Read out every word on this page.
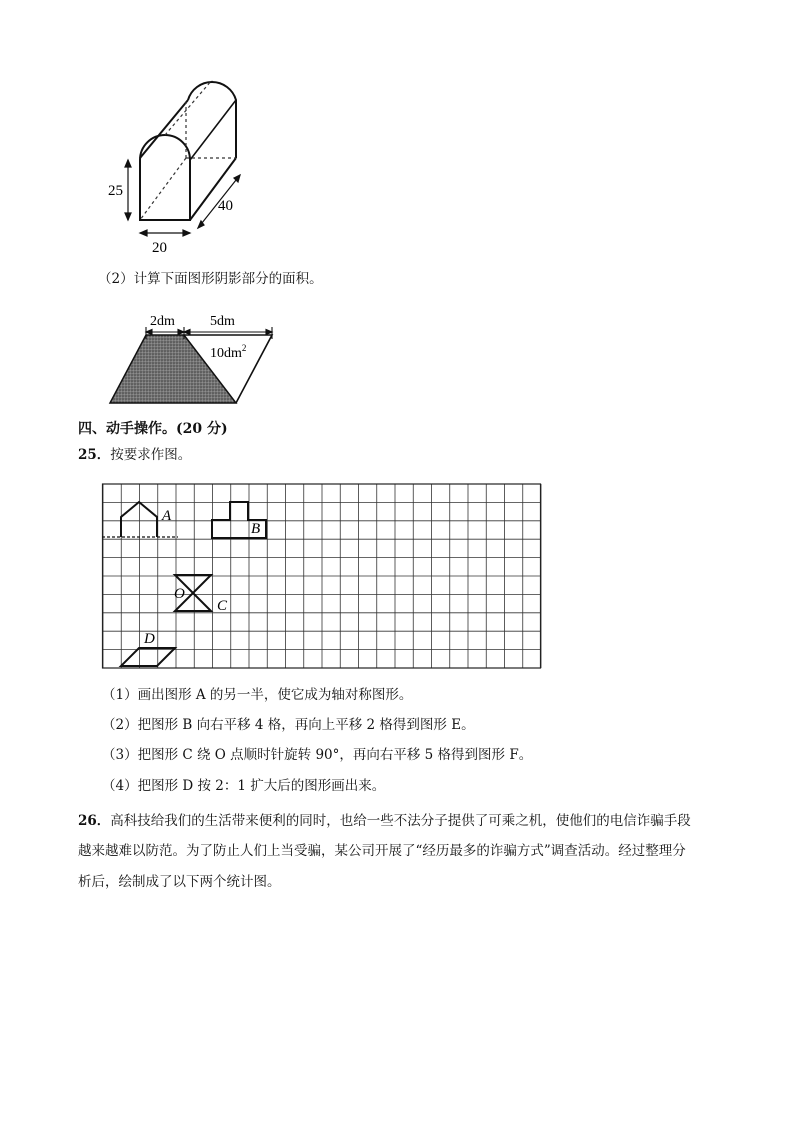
25
20
40
（2）计算下面图形阴影部分的面积。
2dm	5dm
$10dm^2$
四、动手操作。(20 分)
25．按要求作图。
A
B
O
C
D
（1）画出图形 A 的另一半，使它成为轴对称图形。
（2）把图形 B 向右平移 4 格，再向上平移 2 格得到图形 E。
（3）把图形 C 绕 O 点顺时针旋转 90°，再向右平移 5 格得到图形 F。
（4）把图形 D 按 2：1 扩大后的图形画出来。
26．高科技给我们的生活带来便利的同时，也给一些不法分子提供了可乘之机，使他们的电信诈骗手段
越来越难以防范。为了防止人们上当受骗，某公司开展了“经历最多的诈骗方式”调查活动。经过整理分
析后，绘制成了以下两个统计图。
